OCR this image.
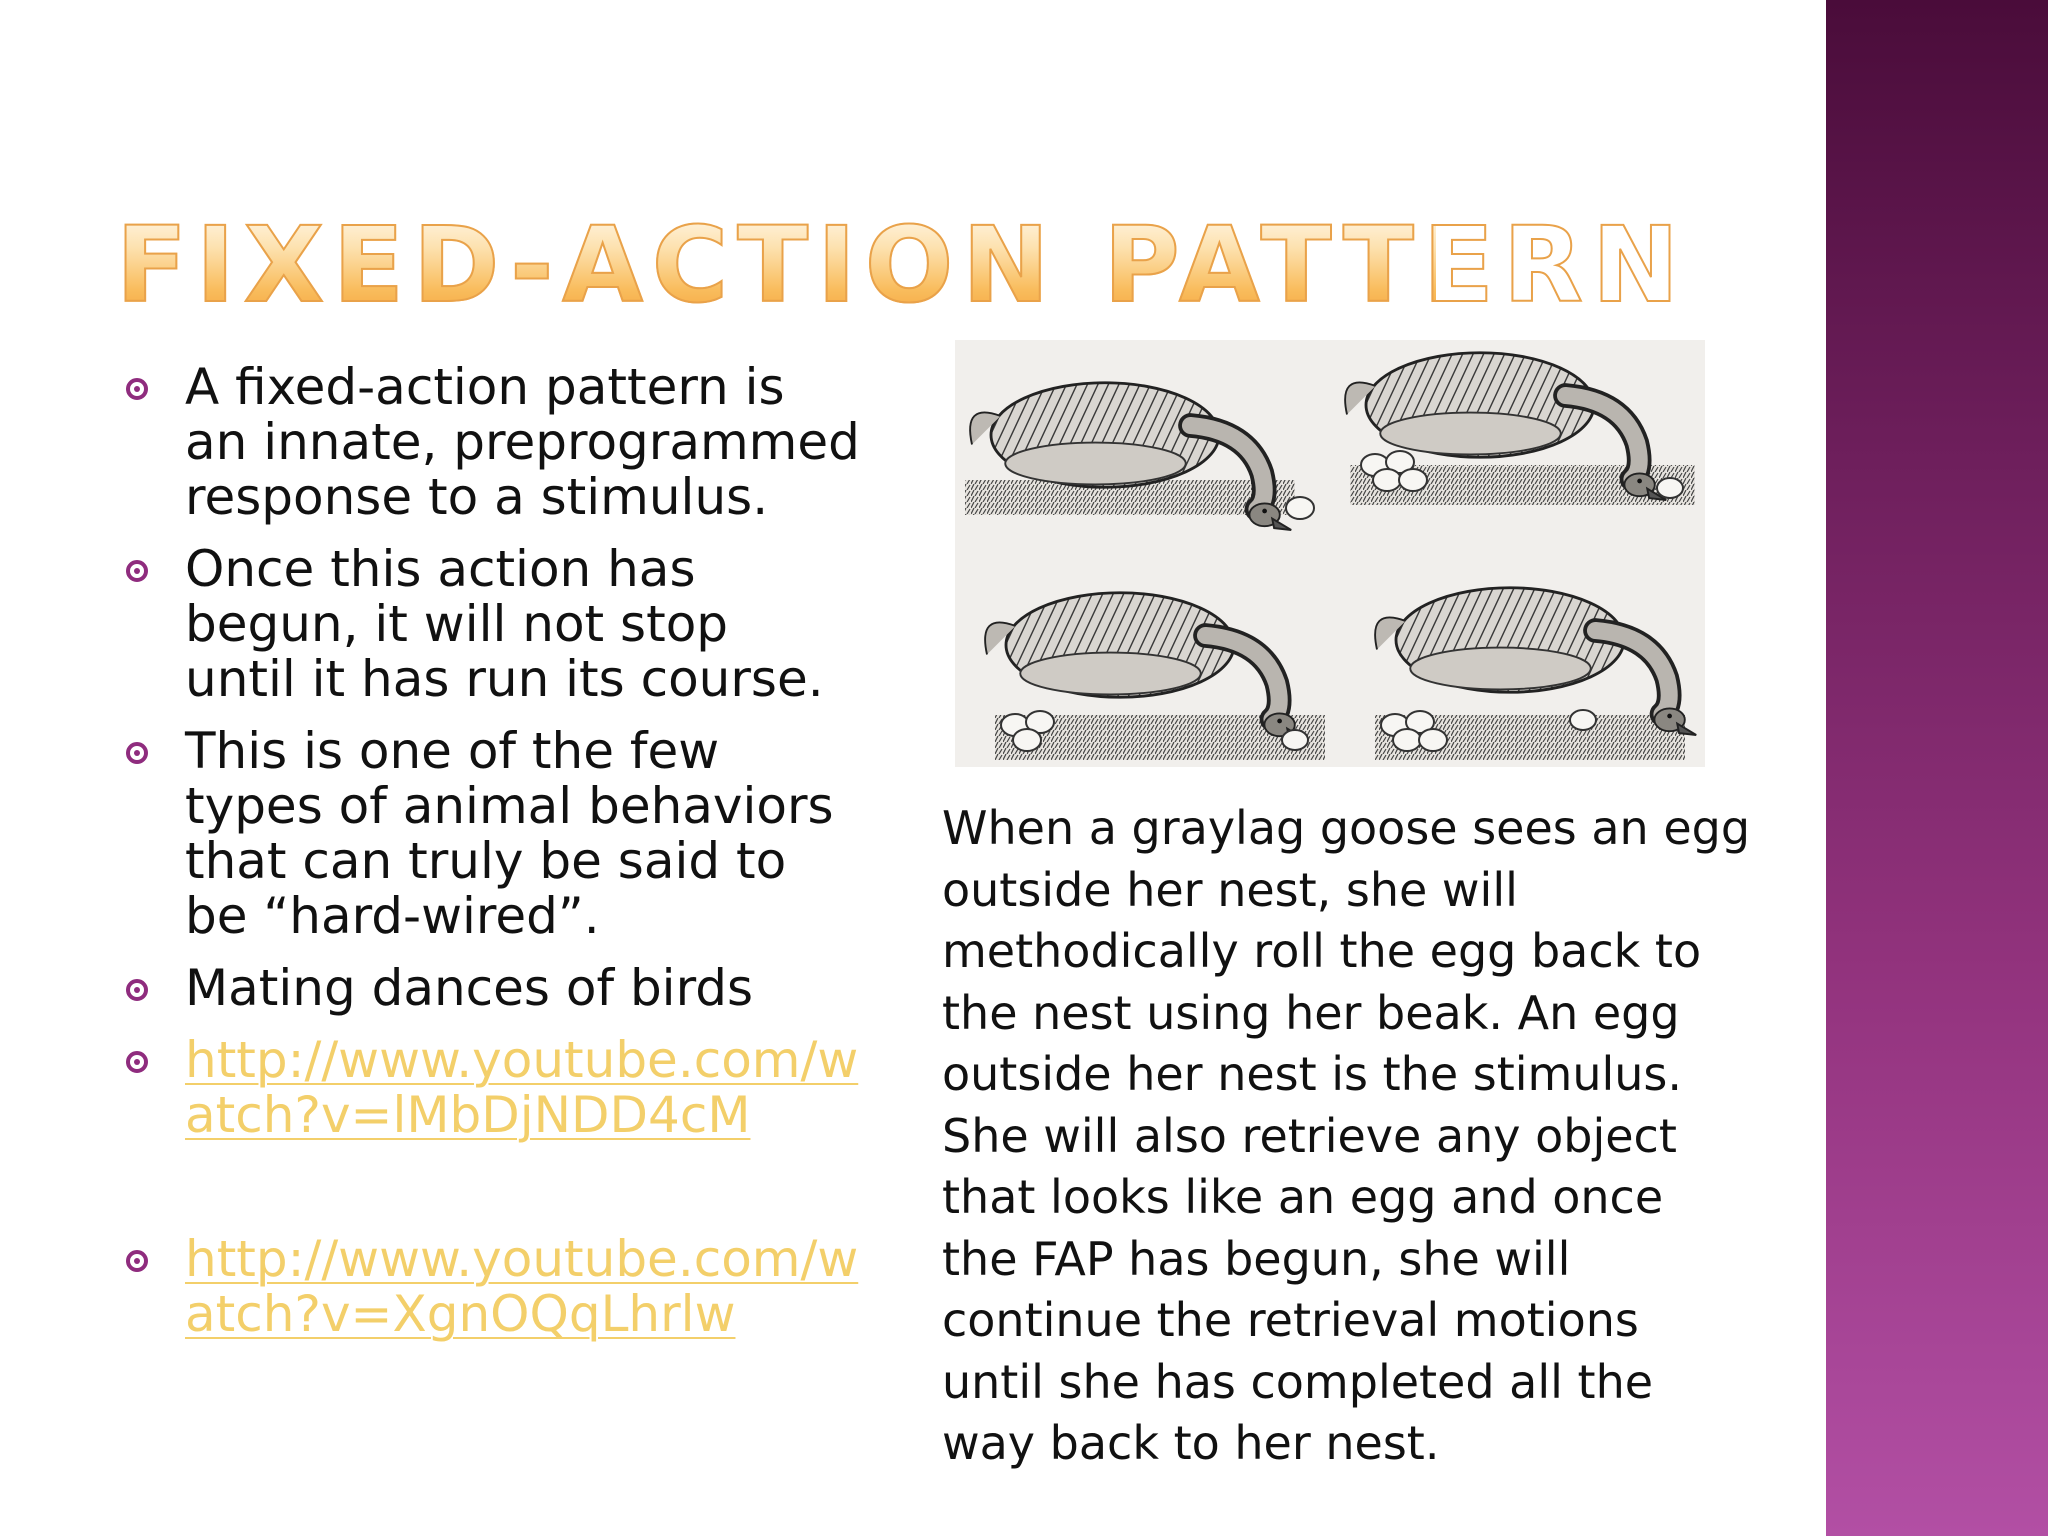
FIXED-ACTION PATTERN
A fixed-action pattern is
an innate, preprogrammed
response to a stimulus.
Once this action has
begun, it will not stop
until it has run its course.
This is one of the few
types of animal behaviors
that can truly be said to
be “hard-wired”.
Mating dances of birds
http://www.youtube.com/watch?v=lMbDjNDD4cM
http://www.youtube.com/watch?v=XgnOQqLhrlw
When a graylag goose sees an egg
outside her nest, she will
methodically roll the egg back to
the nest using her beak. An egg
outside her nest is the stimulus.
She will also retrieve any object
that looks like an egg and once
the FAP has begun, she will
continue the retrieval motions
until she has completed all the
way back to her nest.
